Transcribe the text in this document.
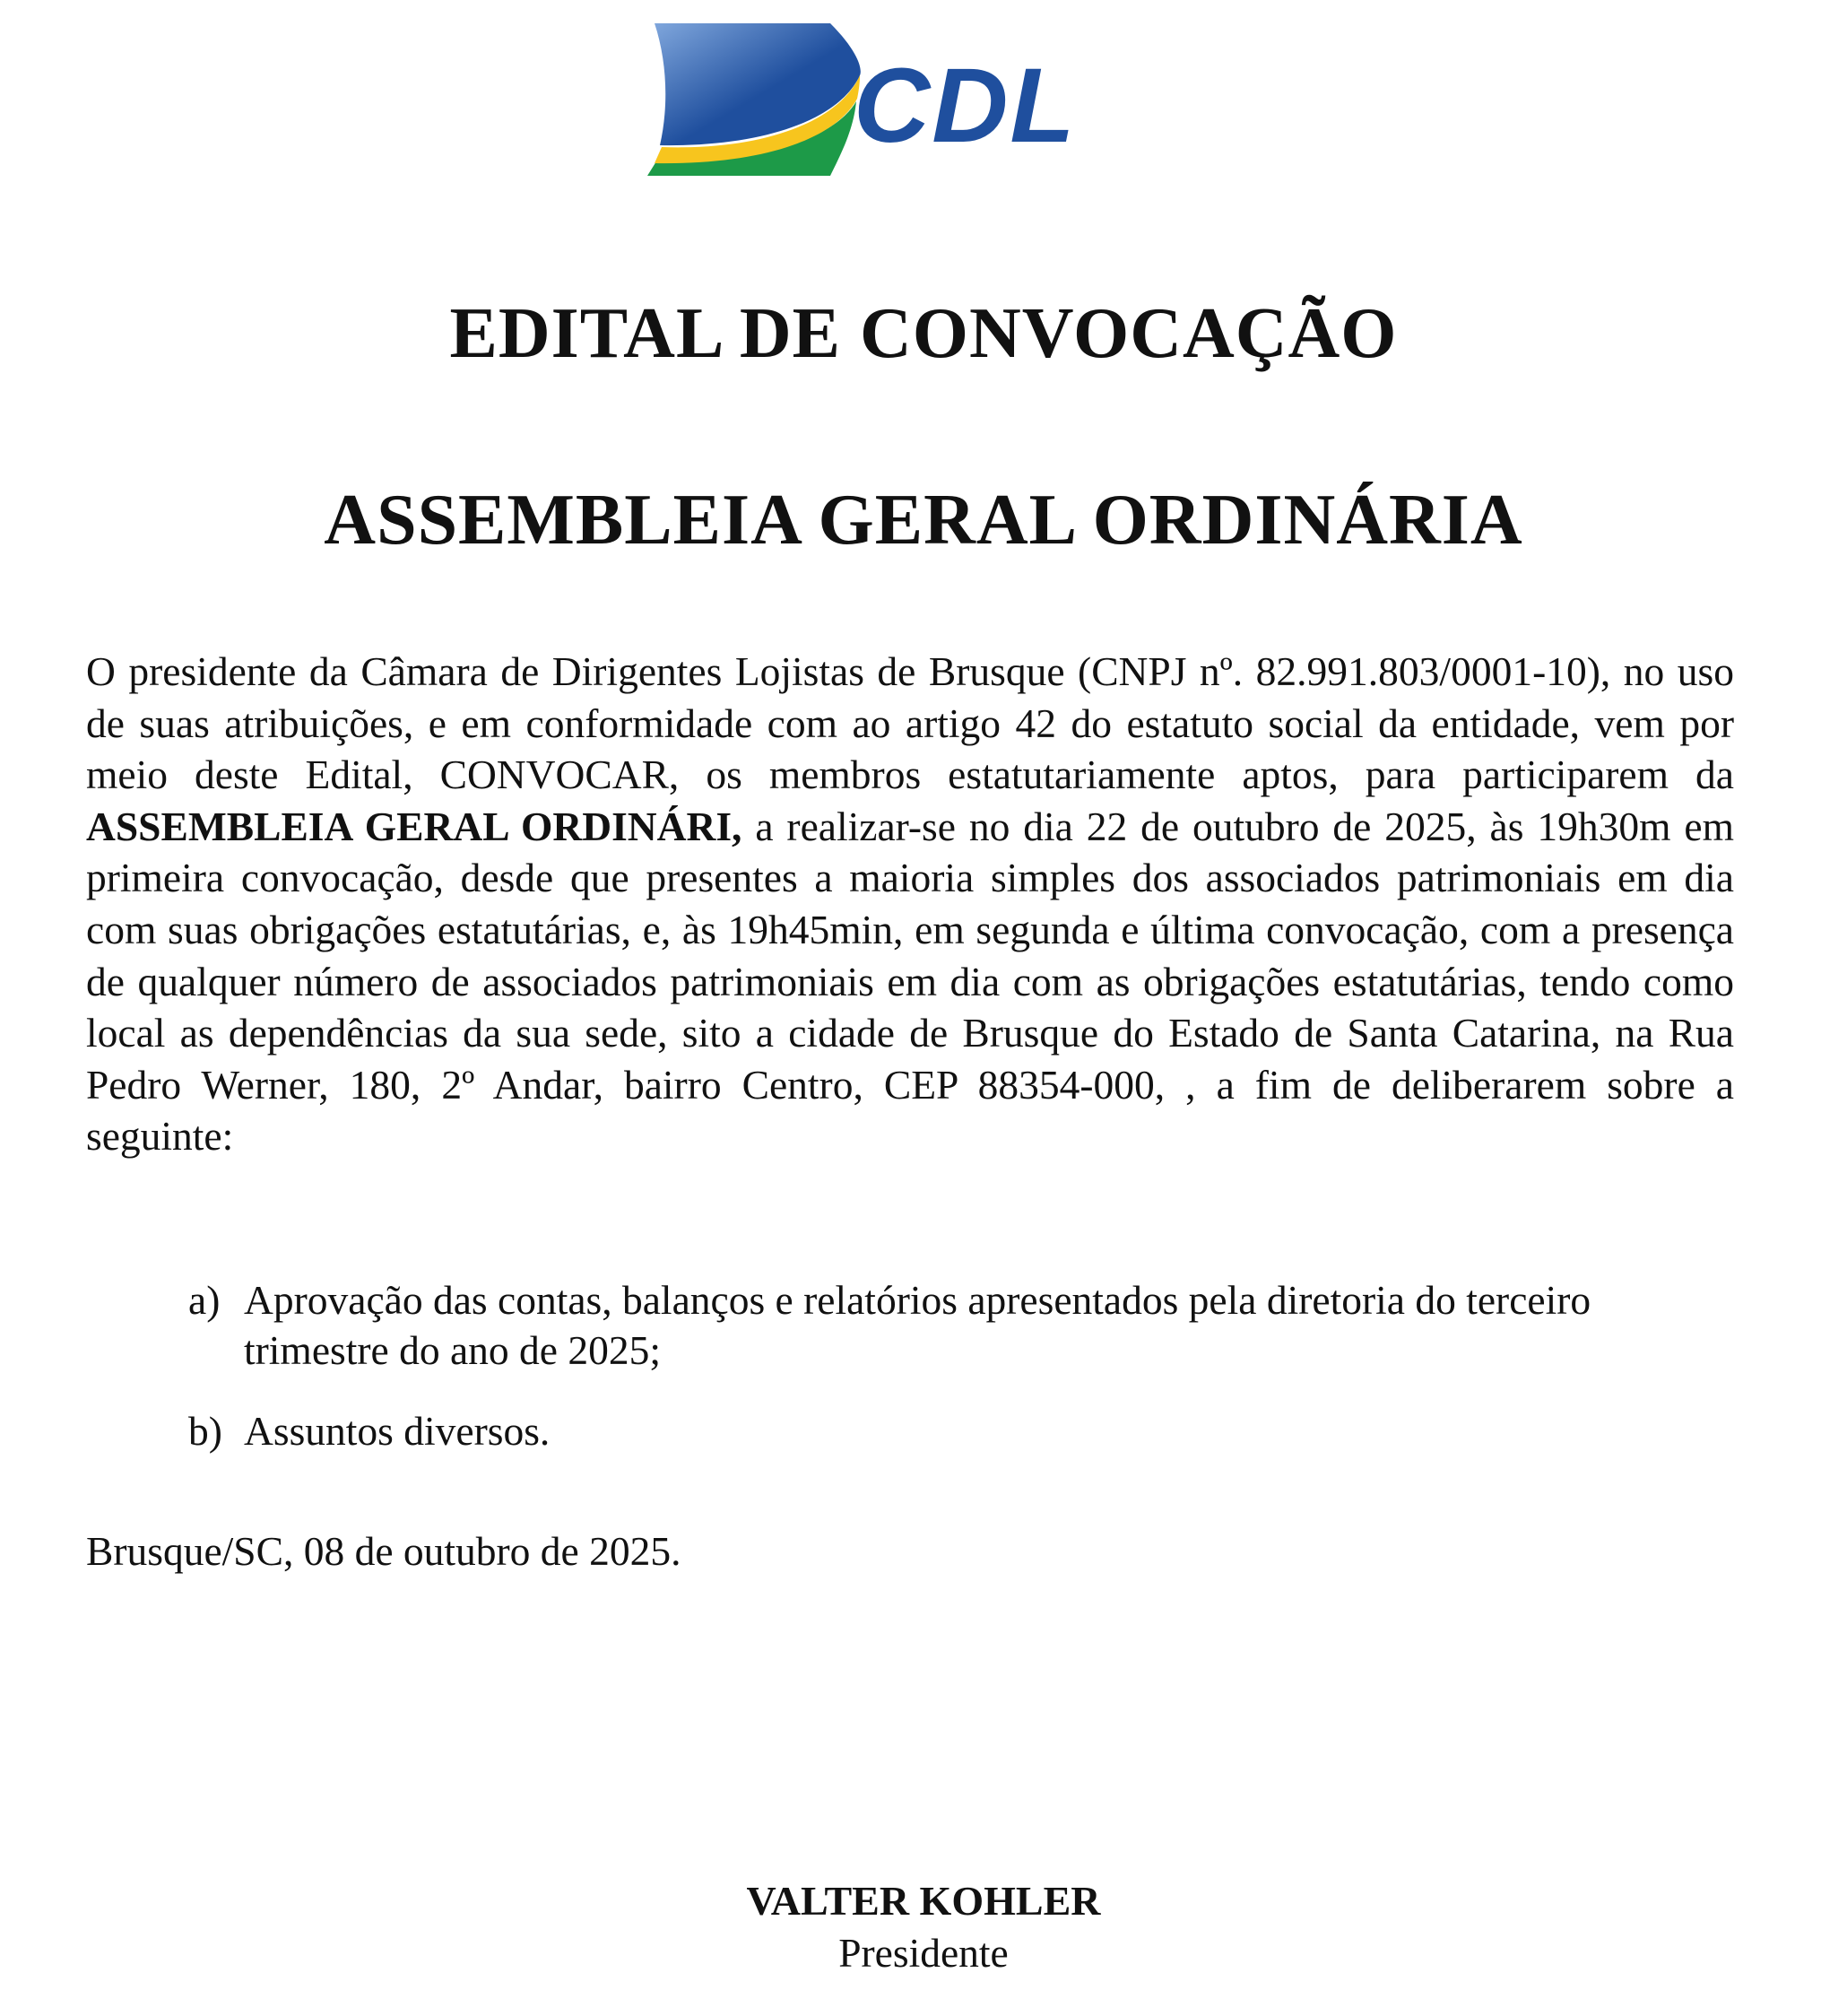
CDL
EDITAL DE CONVOCAÇÃO
ASSEMBLEIA GERAL ORDINÁRIA

O presidente da Câmara de Dirigentes Lojistas de Brusque (CNPJ nº. 82.991.803/0001-10), no uso de suas atribuições, e em conformidade com ao artigo 42 do estatuto social da entidade, vem por meio deste Edital, CONVOCAR, os membros estatutariamente aptos, para participarem da ASSEMBLEIA GERAL ORDINÁRI, a realizar-se no dia 22 de outubro de 2025, às 19h30m em primeira convocação, desde que presentes a maioria simples dos associados patrimoniais em dia com suas obrigações estatutárias, e, às 19h45min, em segunda e última convocação, com a presença de qualquer número de associados patrimoniais em dia com as obrigações estatutárias, tendo como local as dependências da sua sede, sito a cidade de Brusque do Estado de Santa Catarina, na Rua Pedro Werner, 180, 2º Andar, bairro Centro, CEP 88354-000, , a fim de deliberarem sobre a seguinte:

a) Aprovação das contas, balanços e relatórios apresentados pela diretoria do terceiro trimestre do ano de 2025;
b) Assuntos diversos.

Brusque/SC, 08 de outubro de 2025.

VALTER KOHLER

Presidente
